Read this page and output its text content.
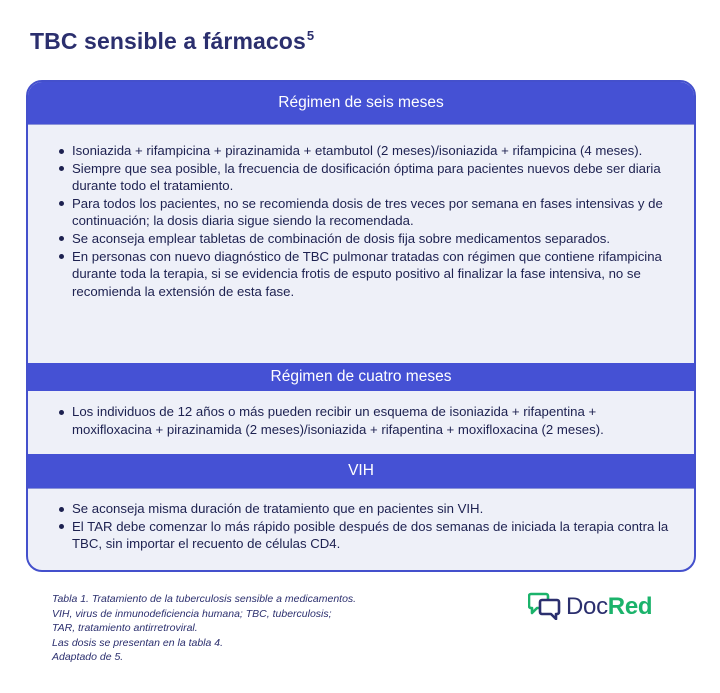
TBC sensible a fármacos$^5$
Régimen de seis meses
Isoniazida + rifampicina + pirazinamida + etambutol (2 meses)/isoniazida + rifampicina (4 meses).
Siempre que sea posible, la frecuencia de dosificación óptima para pacientes nuevos debe ser diaria durante todo el tratamiento.
Para todos los pacientes, no se recomienda dosis de tres veces por semana en fases intensivas y de continuación; la dosis diaria sigue siendo la recomendada.
Se aconseja emplear tabletas de combinación de dosis fija sobre medicamentos separados.
En personas con nuevo diagnóstico de TBC pulmonar tratadas con régimen que contiene rifampicina durante toda la terapia, si se evidencia frotis de esputo positivo al finalizar la fase intensiva, no se recomienda la extensión de esta fase.
Régimen de cuatro meses
Los individuos de 12 años o más pueden recibir un esquema de isoniazida + rifapentina + moxifloxacina + pirazinamida (2 meses)/isoniazida + rifapentina + moxifloxacina (2 meses).
VIH
Se aconseja misma duración de tratamiento que en pacientes sin VIH.
El TAR debe comenzar lo más rápido posible después de dos semanas de iniciada la terapia contra la TBC, sin importar el recuento de células CD4.
Tabla 1. Tratamiento de la tuberculosis sensible a medicamentos.
VIH, virus de inmunodeficiencia humana; TBC, tuberculosis;
TAR, tratamiento antirretroviral.
Las dosis se presentan en la tabla 4.
Adaptado de 5.
DocRed
